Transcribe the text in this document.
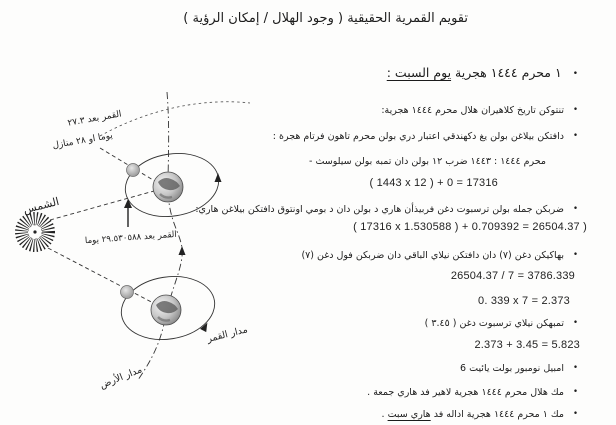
تقويم القمرية الحقيقية ( وجود الهلال / إمكان الرؤية )
•١ محرم ١٤٤٤ هجرية يوم السبت :
•تنتوكن تاريخ كلاهيران هلال محرم ١٤٤٤ هجرية:
•دافتكن بيلاغن بولن يغ دكهندقي اعتبار دري بولن محرم تاهون فرتام هجرة :
محرم ١٤٤٤ : ١٤٤٣ ضرب ١٢ بولن دان تمبه بولن سيلوسث -
( 1443 x 12 ) + 0 = 17316
•ضربكن جمله بولن ترسبوت دغن فربيذأن هاري د بولن دان د بومي اونتوق دافتكن بيلاغن هاري:
( 17316 x 1.530588 ) + 0.709392 = 26504.37 )
•بهاكيكن دغن (٧) دان دافتكن نيلاي الباقي دان ضربكن فول دغن (٧)
26504.37 / 7 = 3786.339
0. 339 x 7 = 2.373
•تمبهكن نيلاي ترسبوت دغن ( ٣.٤٥ )
2.373 + 3.45 = 5.823
•امبيل نومبور بولت يائيت 6
•مك هلال محرم ١٤٤٤ هجرية لاهير فد هاري جمعة .
•مك ١ محرم ١٤٤٤ هجرية اداله فد هاري سبت .
الشمس
القمر بعد ٢٧.٣
يوما او ٢٨ منازل
القمر بعد ٢٩.٥٣٠٥٨٨ يوما
مدار القمر
مدار الأرض
